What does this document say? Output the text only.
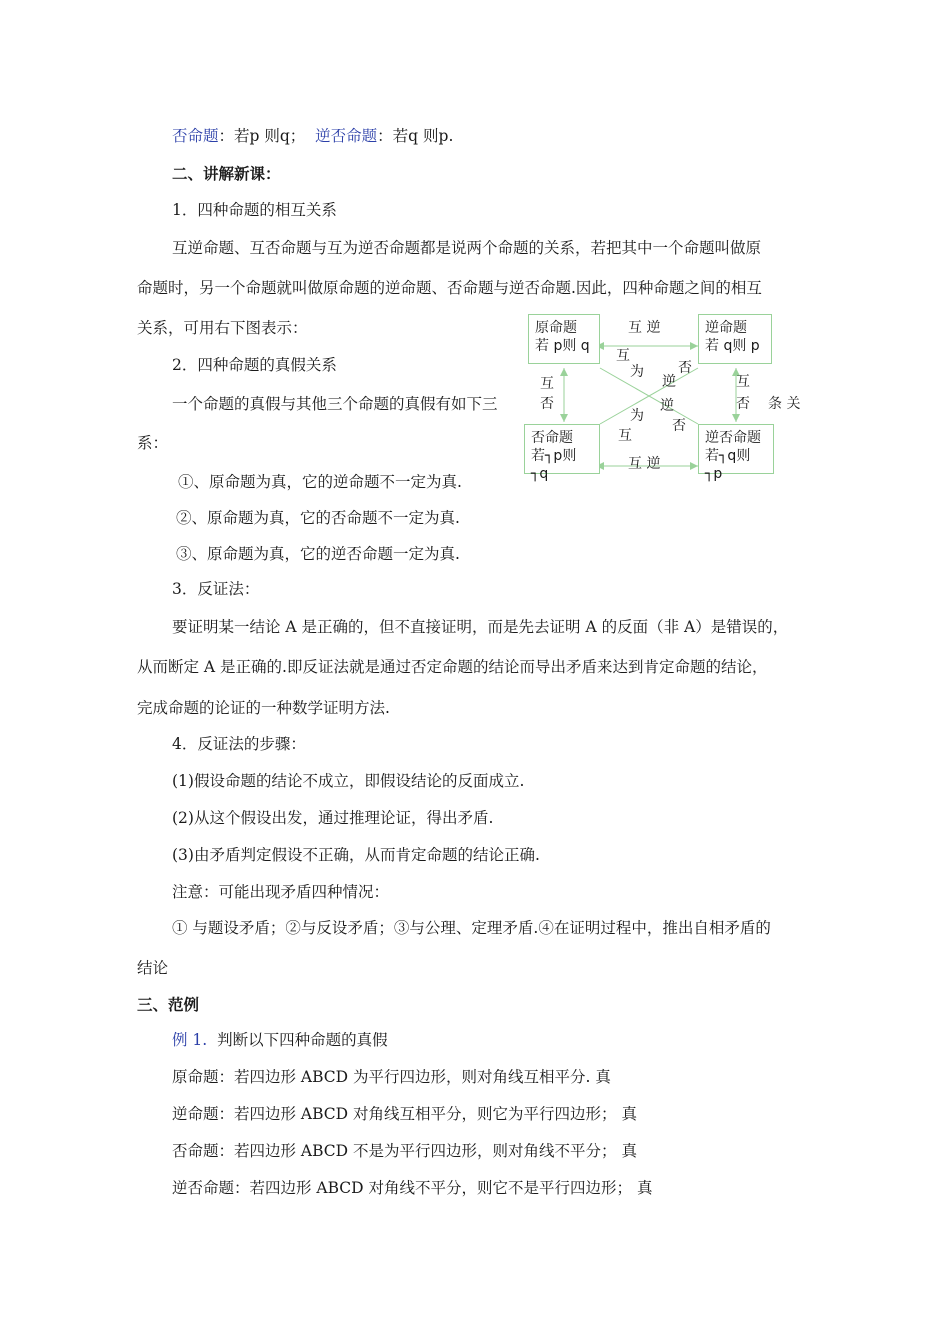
否命题：若p 则q； 逆否命题：若q 则p.
二、讲解新课：
1．四种命题的相互关系
互逆命题、互否命题与互为逆否命题都是说两个命题的关系，若把其中一个命题叫做原
命题时，另一个命题就叫做原命题的逆命题、否命题与逆否命题.因此，四种命题之间的相互
关系，可用右下图表示：
2．四种命题的真假关系
一个命题的真假与其他三个命题的真假有如下三
系：
原命题
若 p则 q
逆命题
若 q则 p
否命题
若┐p则┐q
逆否命题
若┐q则┐p
互 逆
互 逆
互
否
互
否 条 关
互
为
逆
否
逆
为
互
否
①、原命题为真，它的逆命题不一定为真.
②、原命题为真，它的否命题不一定为真.
③、原命题为真，它的逆否命题一定为真.
3．反证法：
要证明某一结论 A 是正确的，但不直接证明，而是先去证明 A 的反面（非 A）是错误的，
从而断定 A 是正确的.即反证法就是通过否定命题的结论而导出矛盾来达到肯定命题的结论，
完成命题的论证的一种数学证明方法.
4．反证法的步骤：
(1)假设命题的结论不成立，即假设结论的反面成立.
(2)从这个假设出发，通过推理论证，得出矛盾.
(3)由矛盾判定假设不正确，从而肯定命题的结论正确.
注意：可能出现矛盾四种情况：
① 与题设矛盾；②与反设矛盾；③与公理、定理矛盾.④在证明过程中，推出自相矛盾的
结论
三、范例
例 1. 判断以下四种命题的真假
原命题：若四边形 ABCD 为平行四边形，则对角线互相平分. 真
逆命题：若四边形 ABCD 对角线互相平分，则它为平行四边形； 真
否命题：若四边形 ABCD 不是为平行四边形，则对角线不平分； 真
逆否命题：若四边形 ABCD 对角线不平分，则它不是平行四边形； 真
